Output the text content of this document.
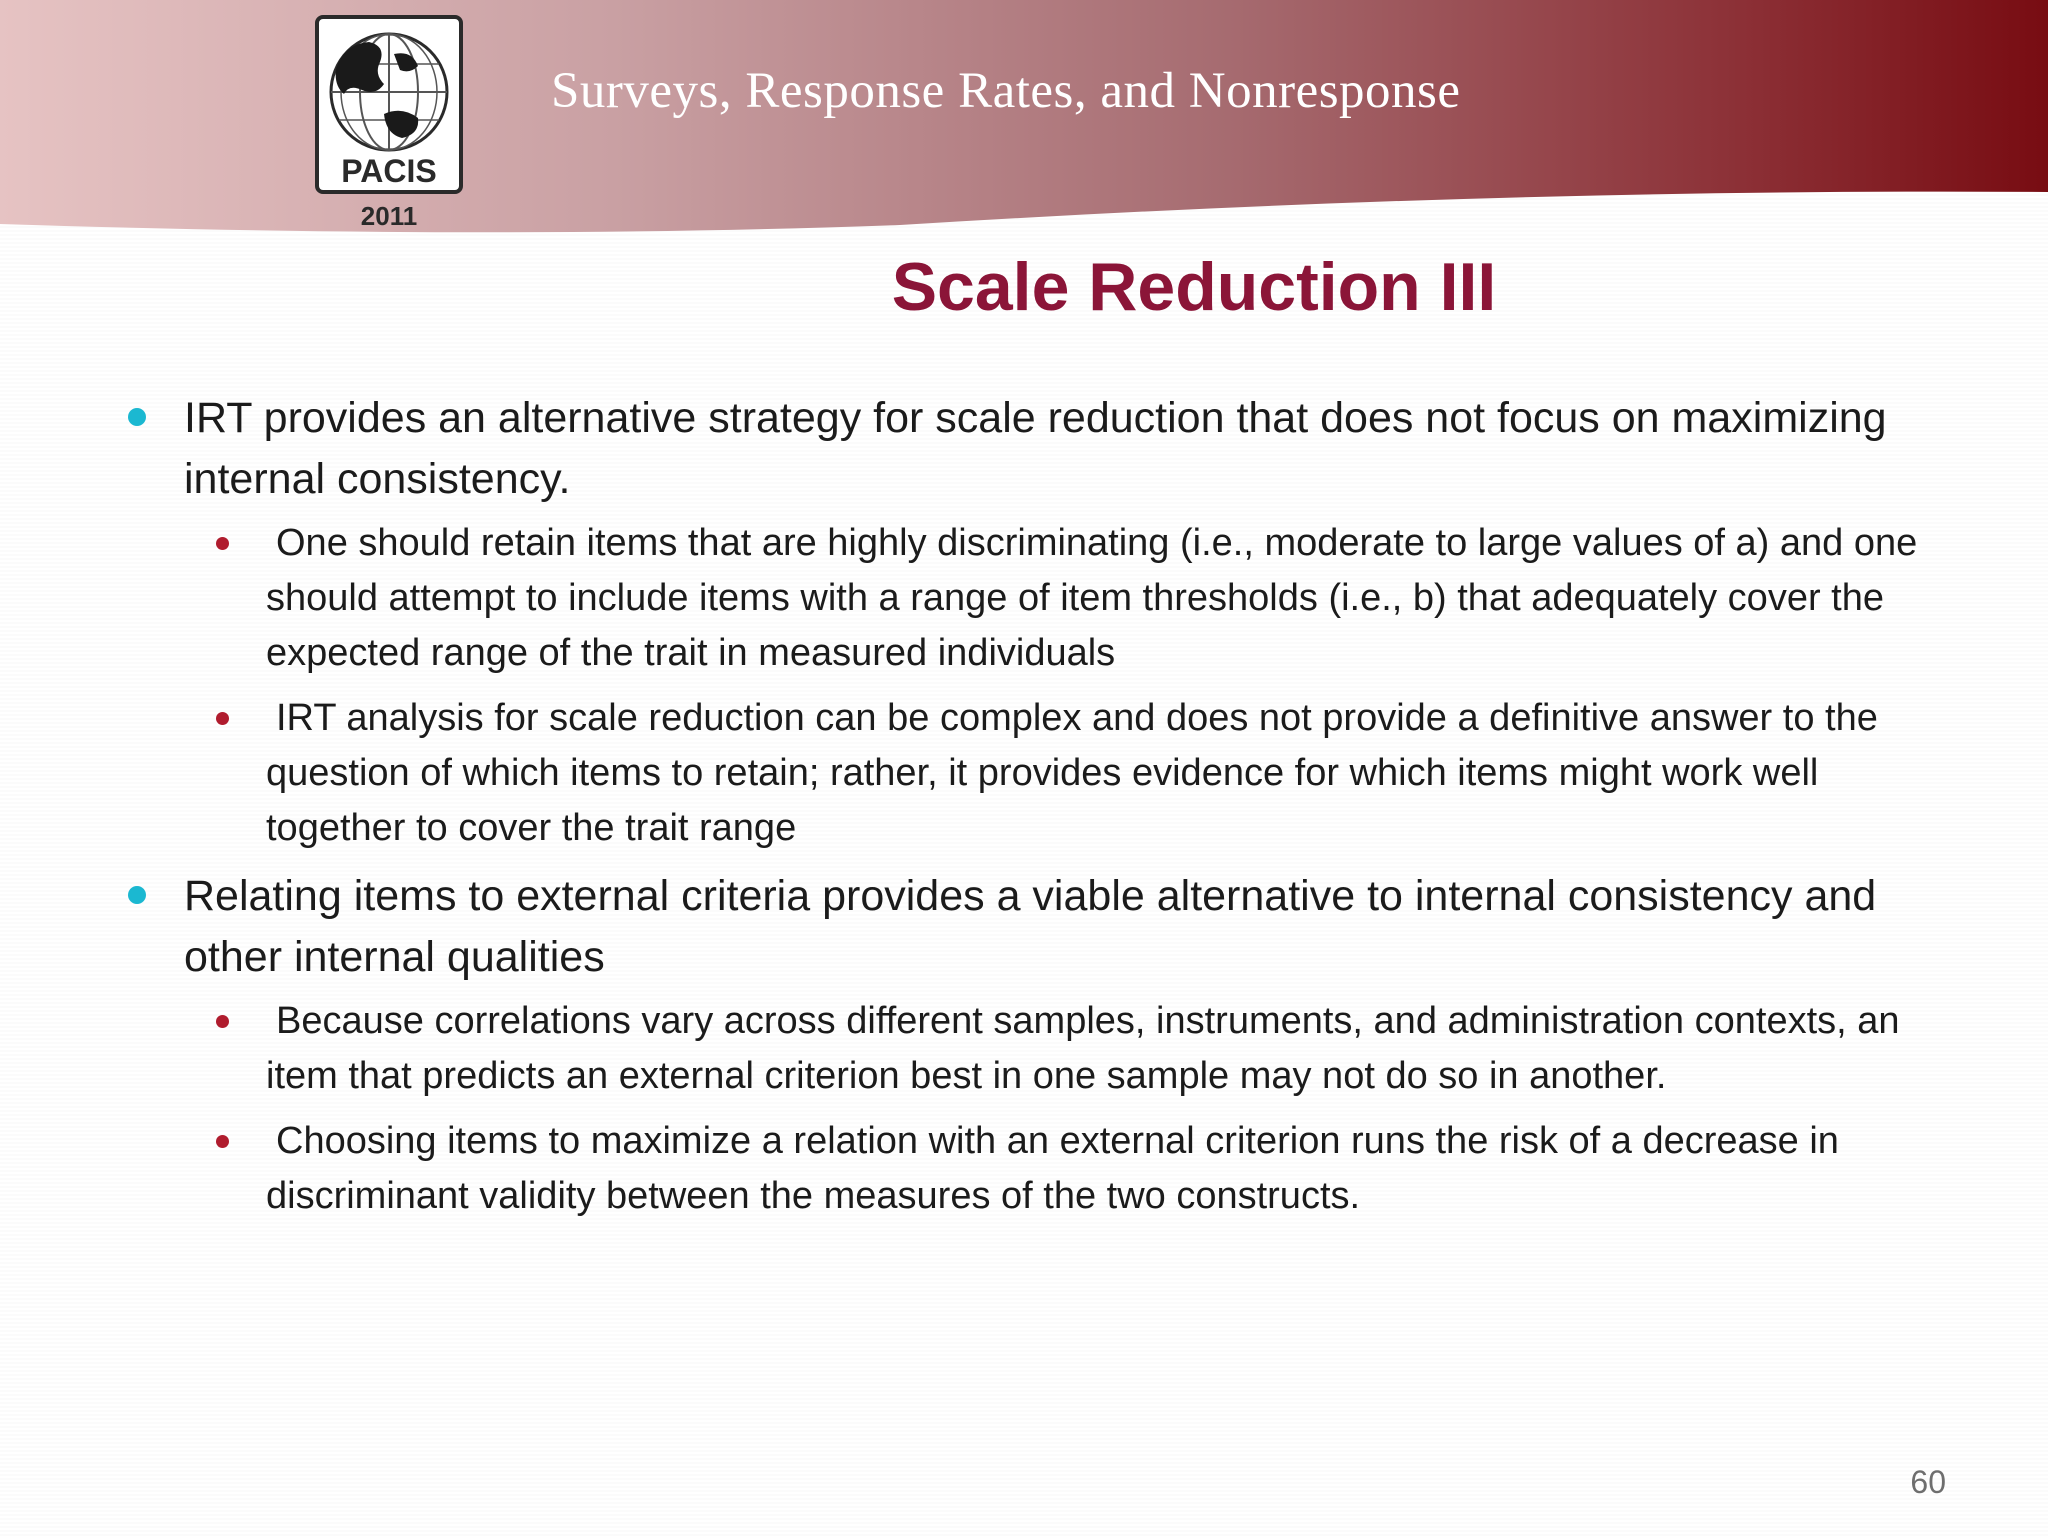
PACIS
2011
Surveys, Response Rates, and Nonresponse
Scale Reduction III
IRT provides an alternative strategy for scale reduction that does not focus on maximizing internal consistency.
One should retain items that are highly discriminating (i.e., moderate to large values of a) and one should attempt to include items with a range of item thresholds (i.e., b) that adequately cover the expected range of the trait in measured individuals
IRT analysis for scale reduction can be complex and does not provide a definitive answer to the question of which items to retain; rather, it provides evidence for which items might work well together to cover the trait range
Relating items to external criteria provides a viable alternative to internal consistency and other internal qualities
Because correlations vary across different samples, instruments, and administration contexts, an item that predicts an external criterion best in one sample may not do so in another.
Choosing items to maximize a relation with an external criterion runs the risk of a decrease in discriminant validity between the measures of the two constructs.
60
